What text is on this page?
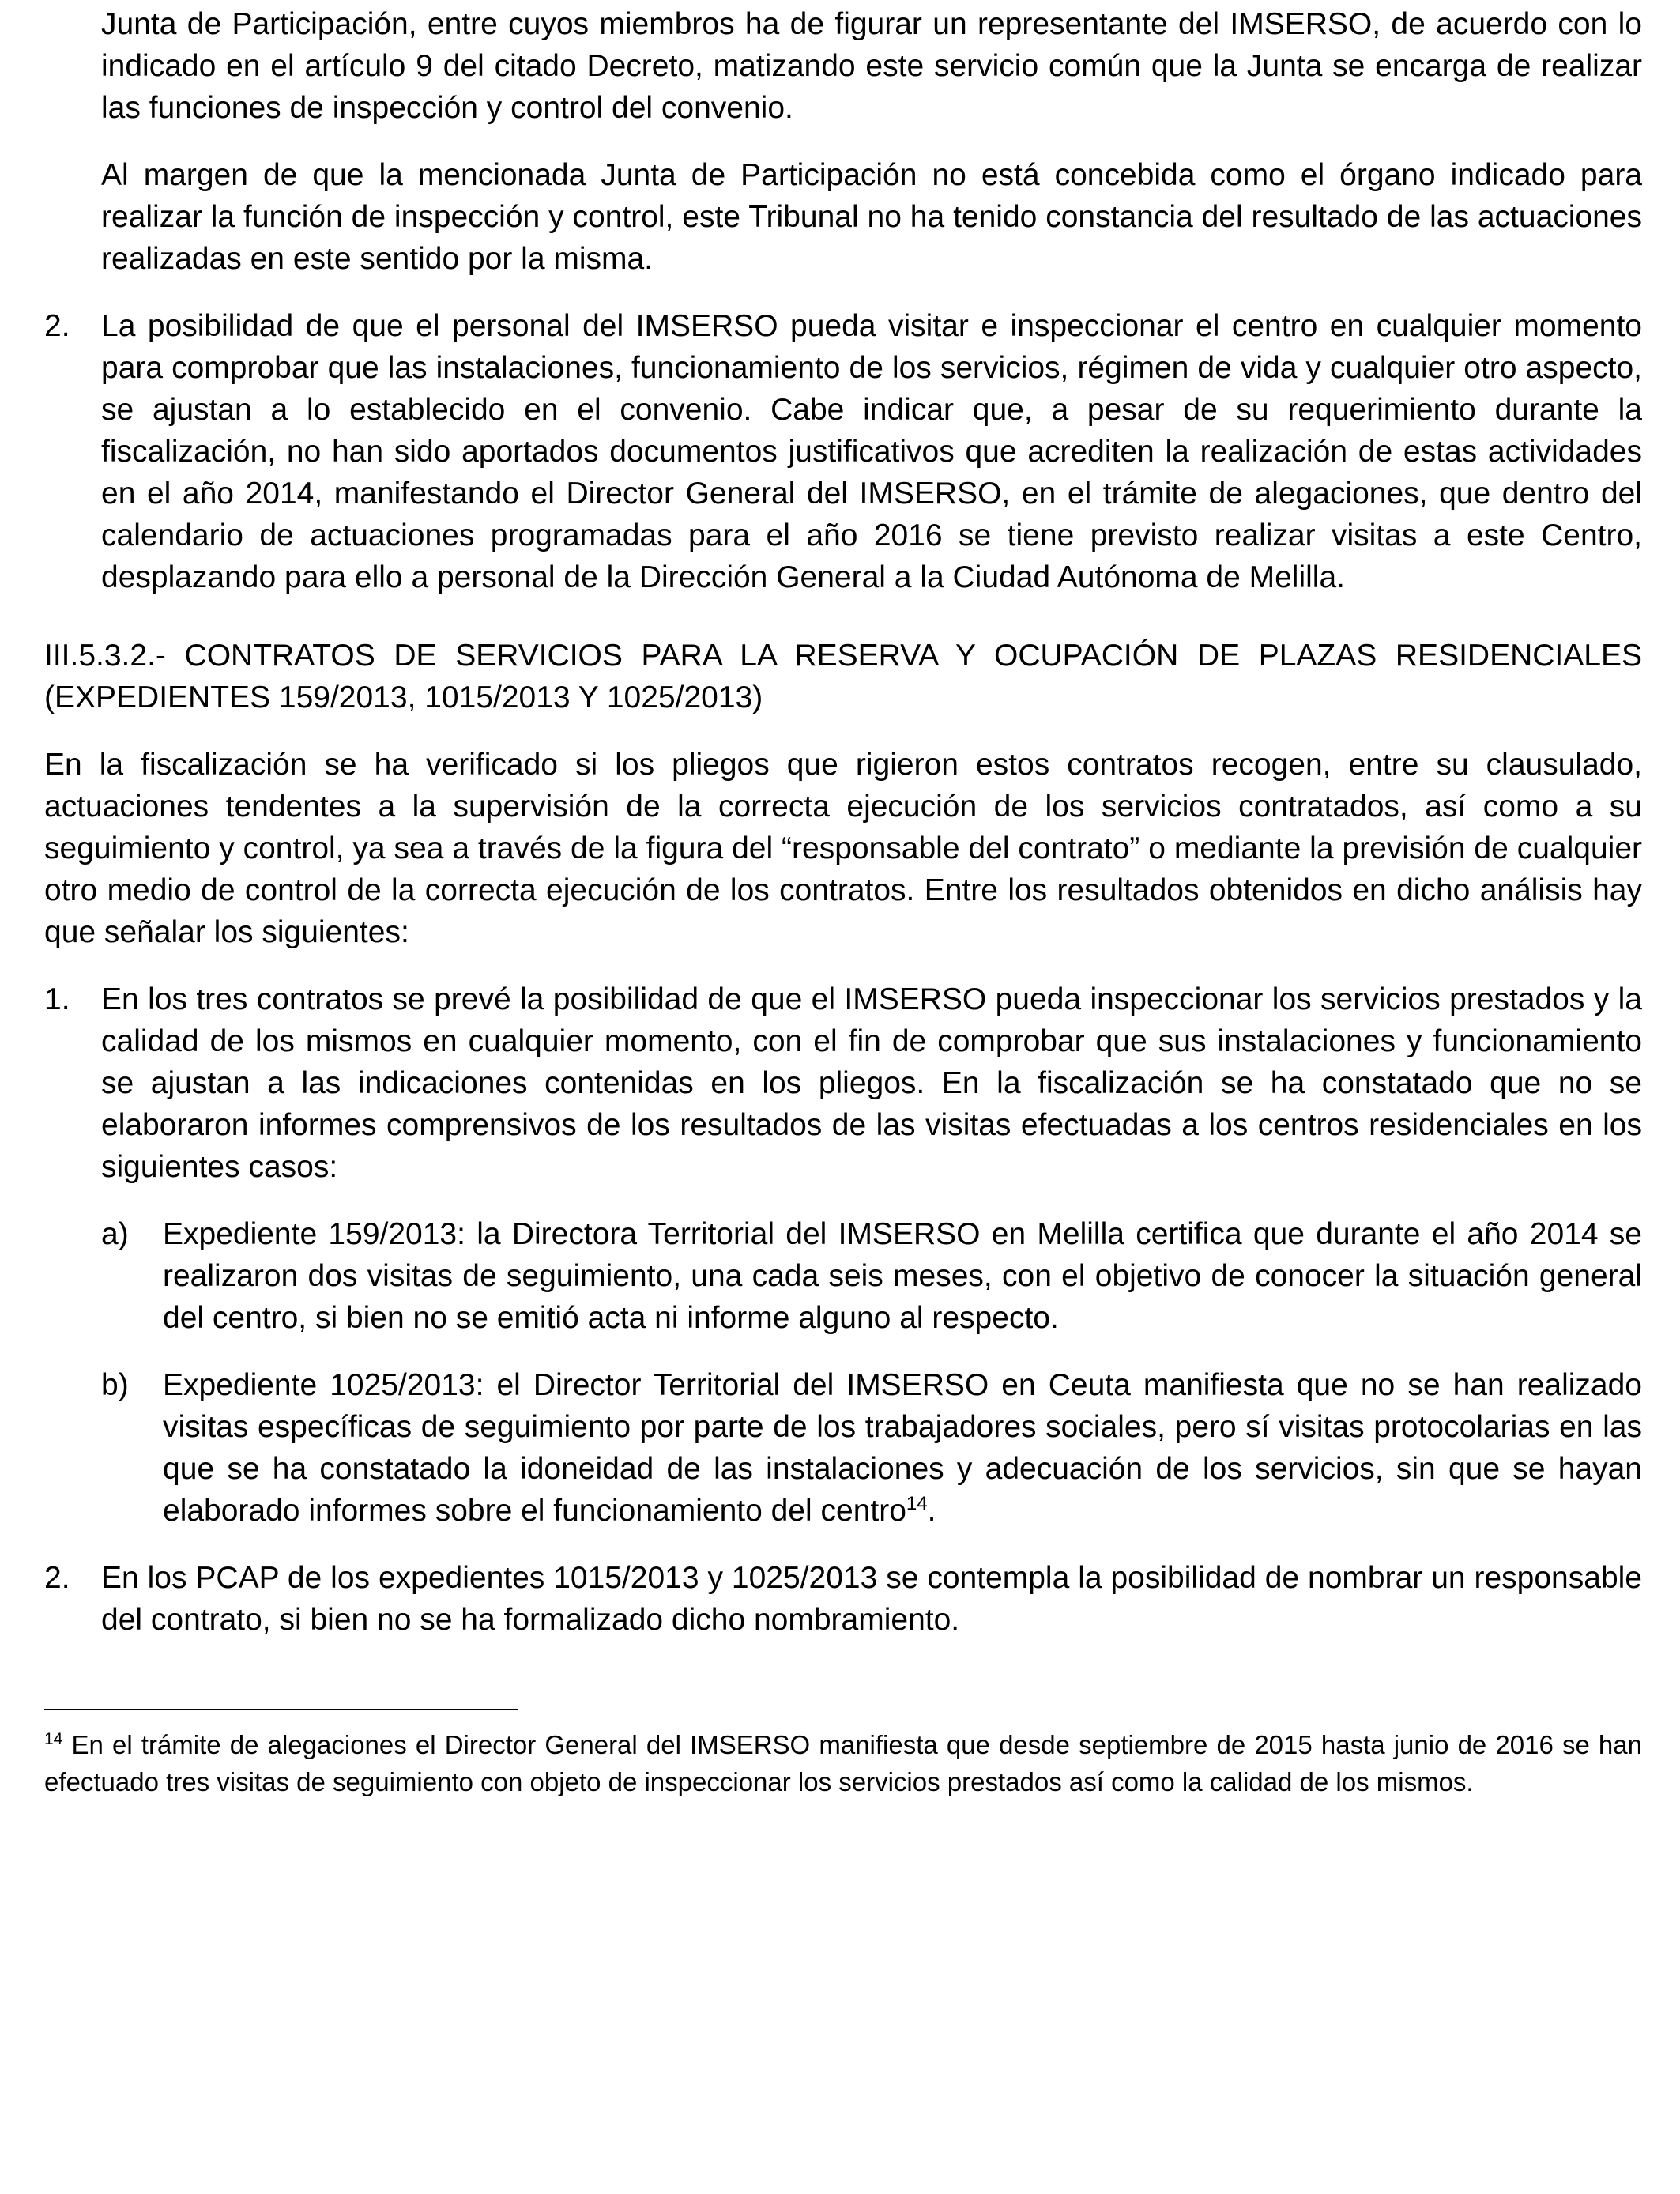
Junta de Participación, entre cuyos miembros ha de figurar un representante del IMSERSO, de acuerdo con lo indicado en el artículo 9 del citado Decreto, matizando este servicio común que la Junta se encarga de realizar las funciones de inspección y control del convenio.

Al margen de que la mencionada Junta de Participación no está concebida como el órgano indicado para realizar la función de inspección y control, este Tribunal no ha tenido constancia del resultado de las actuaciones realizadas en este sentido por la misma.

2. La posibilidad de que el personal del IMSERSO pueda visitar e inspeccionar el centro en cualquier momento para comprobar que las instalaciones, funcionamiento de los servicios, régimen de vida y cualquier otro aspecto, se ajustan a lo establecido en el convenio. Cabe indicar que, a pesar de su requerimiento durante la fiscalización, no han sido aportados documentos justificativos que acrediten la realización de estas actividades en el año 2014, manifestando el Director General del IMSERSO, en el trámite de alegaciones, que dentro del calendario de actuaciones programadas para el año 2016 se tiene previsto realizar visitas a este Centro, desplazando para ello a personal de la Dirección General a la Ciudad Autónoma de Melilla.

III.5.3.2.- CONTRATOS DE SERVICIOS PARA LA RESERVA Y OCUPACIÓN DE PLAZAS RESIDENCIALES (EXPEDIENTES 159/2013, 1015/2013 Y 1025/2013)

En la fiscalización se ha verificado si los pliegos que rigieron estos contratos recogen, entre su clausulado, actuaciones tendentes a la supervisión de la correcta ejecución de los servicios contratados, así como a su seguimiento y control, ya sea a través de la figura del “responsable del contrato” o mediante la previsión de cualquier otro medio de control de la correcta ejecución de los contratos. Entre los resultados obtenidos en dicho análisis hay que señalar los siguientes:

1. En los tres contratos se prevé la posibilidad de que el IMSERSO pueda inspeccionar los servicios prestados y la calidad de los mismos en cualquier momento, con el fin de comprobar que sus instalaciones y funcionamiento se ajustan a las indicaciones contenidas en los pliegos. En la fiscalización se ha constatado que no se elaboraron informes comprensivos de los resultados de las visitas efectuadas a los centros residenciales en los siguientes casos:
a) Expediente 159/2013: la Directora Territorial del IMSERSO en Melilla certifica que durante el año 2014 se realizaron dos visitas de seguimiento, una cada seis meses, con el objetivo de conocer la situación general del centro, si bien no se emitió acta ni informe alguno al respecto.
b) Expediente 1025/2013: el Director Territorial del IMSERSO en Ceuta manifiesta que no se han realizado visitas específicas de seguimiento por parte de los trabajadores sociales, pero sí visitas protocolarias en las que se ha constatado la idoneidad de las instalaciones y adecuación de los servicios, sin que se hayan elaborado informes sobre el funcionamiento del centro$^{14}$.
2. En los PCAP de los expedientes 1015/2013 y 1025/2013 se contempla la posibilidad de nombrar un responsable del contrato, si bien no se ha formalizado dicho nombramiento.

$^{14}$ En el trámite de alegaciones el Director General del IMSERSO manifiesta que desde septiembre de 2015 hasta junio de 2016 se han efectuado tres visitas de seguimiento con objeto de inspeccionar los servicios prestados así como la calidad de los mismos.
